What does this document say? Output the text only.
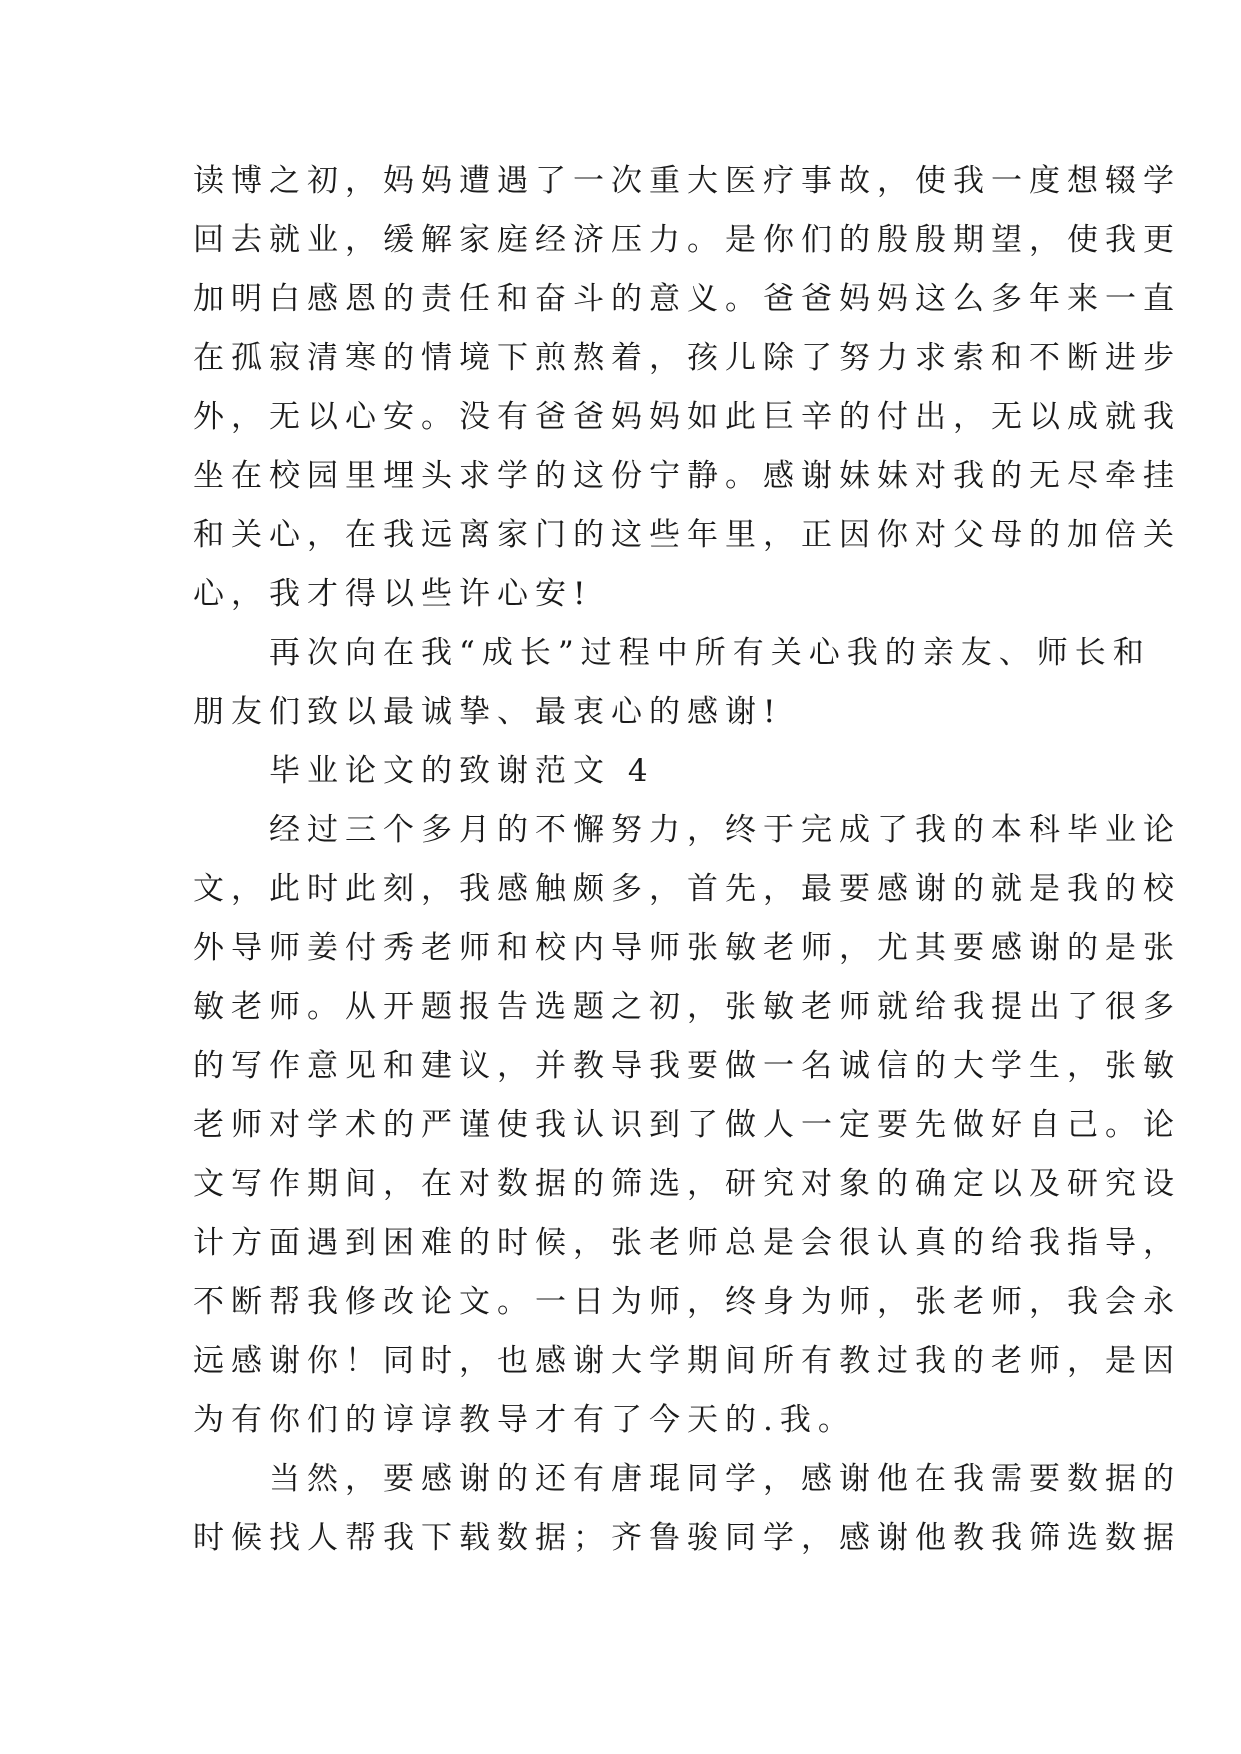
读博之初，妈妈遭遇了一次重大医疗事故，使我一度想辍学
回去就业，缓解家庭经济压力。是你们的殷殷期望，使我更
加明白感恩的责任和奋斗的意义。爸爸妈妈这么多年来一直
在孤寂清寒的情境下煎熬着，孩儿除了努力求索和不断进步
外，无以心安。没有爸爸妈妈如此巨辛的付出，无以成就我
坐在校园里埋头求学的这份宁静。感谢妹妹对我的无尽牵挂
和关心，在我远离家门的这些年里，正因你对父母的加倍关
心，我才得以些许心安!
　　再次向在我“成长”过程中所有关心我的亲友、师长和
朋友们致以最诚挚、最衷心的感谢!
　　毕业论文的致谢范文 4
　　经过三个多月的不懈努力，终于完成了我的本科毕业论
文，此时此刻，我感触颇多，首先，最要感谢的就是我的校
外导师姜付秀老师和校内导师张敏老师，尤其要感谢的是张
敏老师。从开题报告选题之初，张敏老师就给我提出了很多
的写作意见和建议，并教导我要做一名诚信的大学生，张敏
老师对学术的严谨使我认识到了做人一定要先做好自己。论
文写作期间，在对数据的筛选，研究对象的确定以及研究设
计方面遇到困难的时候，张老师总是会很认真的给我指导，
不断帮我修改论文。一日为师，终身为师，张老师，我会永
远感谢你！同时，也感谢大学期间所有教过我的老师，是因
为有你们的谆谆教导才有了今天的.我。
　　当然，要感谢的还有唐琨同学，感谢他在我需要数据的
时候找人帮我下载数据；齐鲁骏同学，感谢他教我筛选数据
